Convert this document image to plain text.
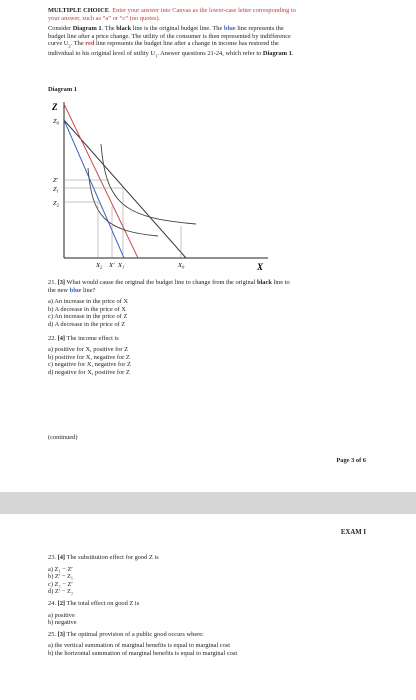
MULTIPLE CHOICE. Enter your answer into Canvas as the lower-case letter corresponding to

your answer, such as “a” or “c” (no quotes).

Consider Diagram 1. The black line is the original budget line. The blue line represents the

budget line after a price change. The utility of the consumer is then represented by indifference

curve $U_2$. The red line represents the budget line after a change in income has restored the

individual to his original level of utility $U_1$. Answer questions 21-24, which refer to Diagram 1.

Diagram 1

Z
X
$Z_0$
Z′
$Z_1$
$Z_2$
$X_2$ X′ $X_1$	$X_0$

21. [3] What would cause the original the budget line to change from the original black line to

the new blue line?

a) An increase in the price of X

b) A decrease in the price of X

c) An increase in the price of Z

d) A decrease in the price of Z

22. [4] The income effect is

a) positive for X, positive for Z

b) positive for X, negative for Z

c) negative for X, negative for Z

d) negative for X, positive for Z

(continued)

Page 3 of 6

EXAM I

23. [4] The substitution effect for good Z is

a) Z₁ − Z′

b) Z′ − Z₁

c) Z₂ − Z′

d) Z′ − Z₂

24. [2] The total effect on good Z is

a) positive

b) negative

25. [3] The optimal provision of a public good occurs where:

a) the vertical summation of marginal benefits is equal to marginal cost

b) the horizontal summation of marginal benefits is equal to marginal cost
